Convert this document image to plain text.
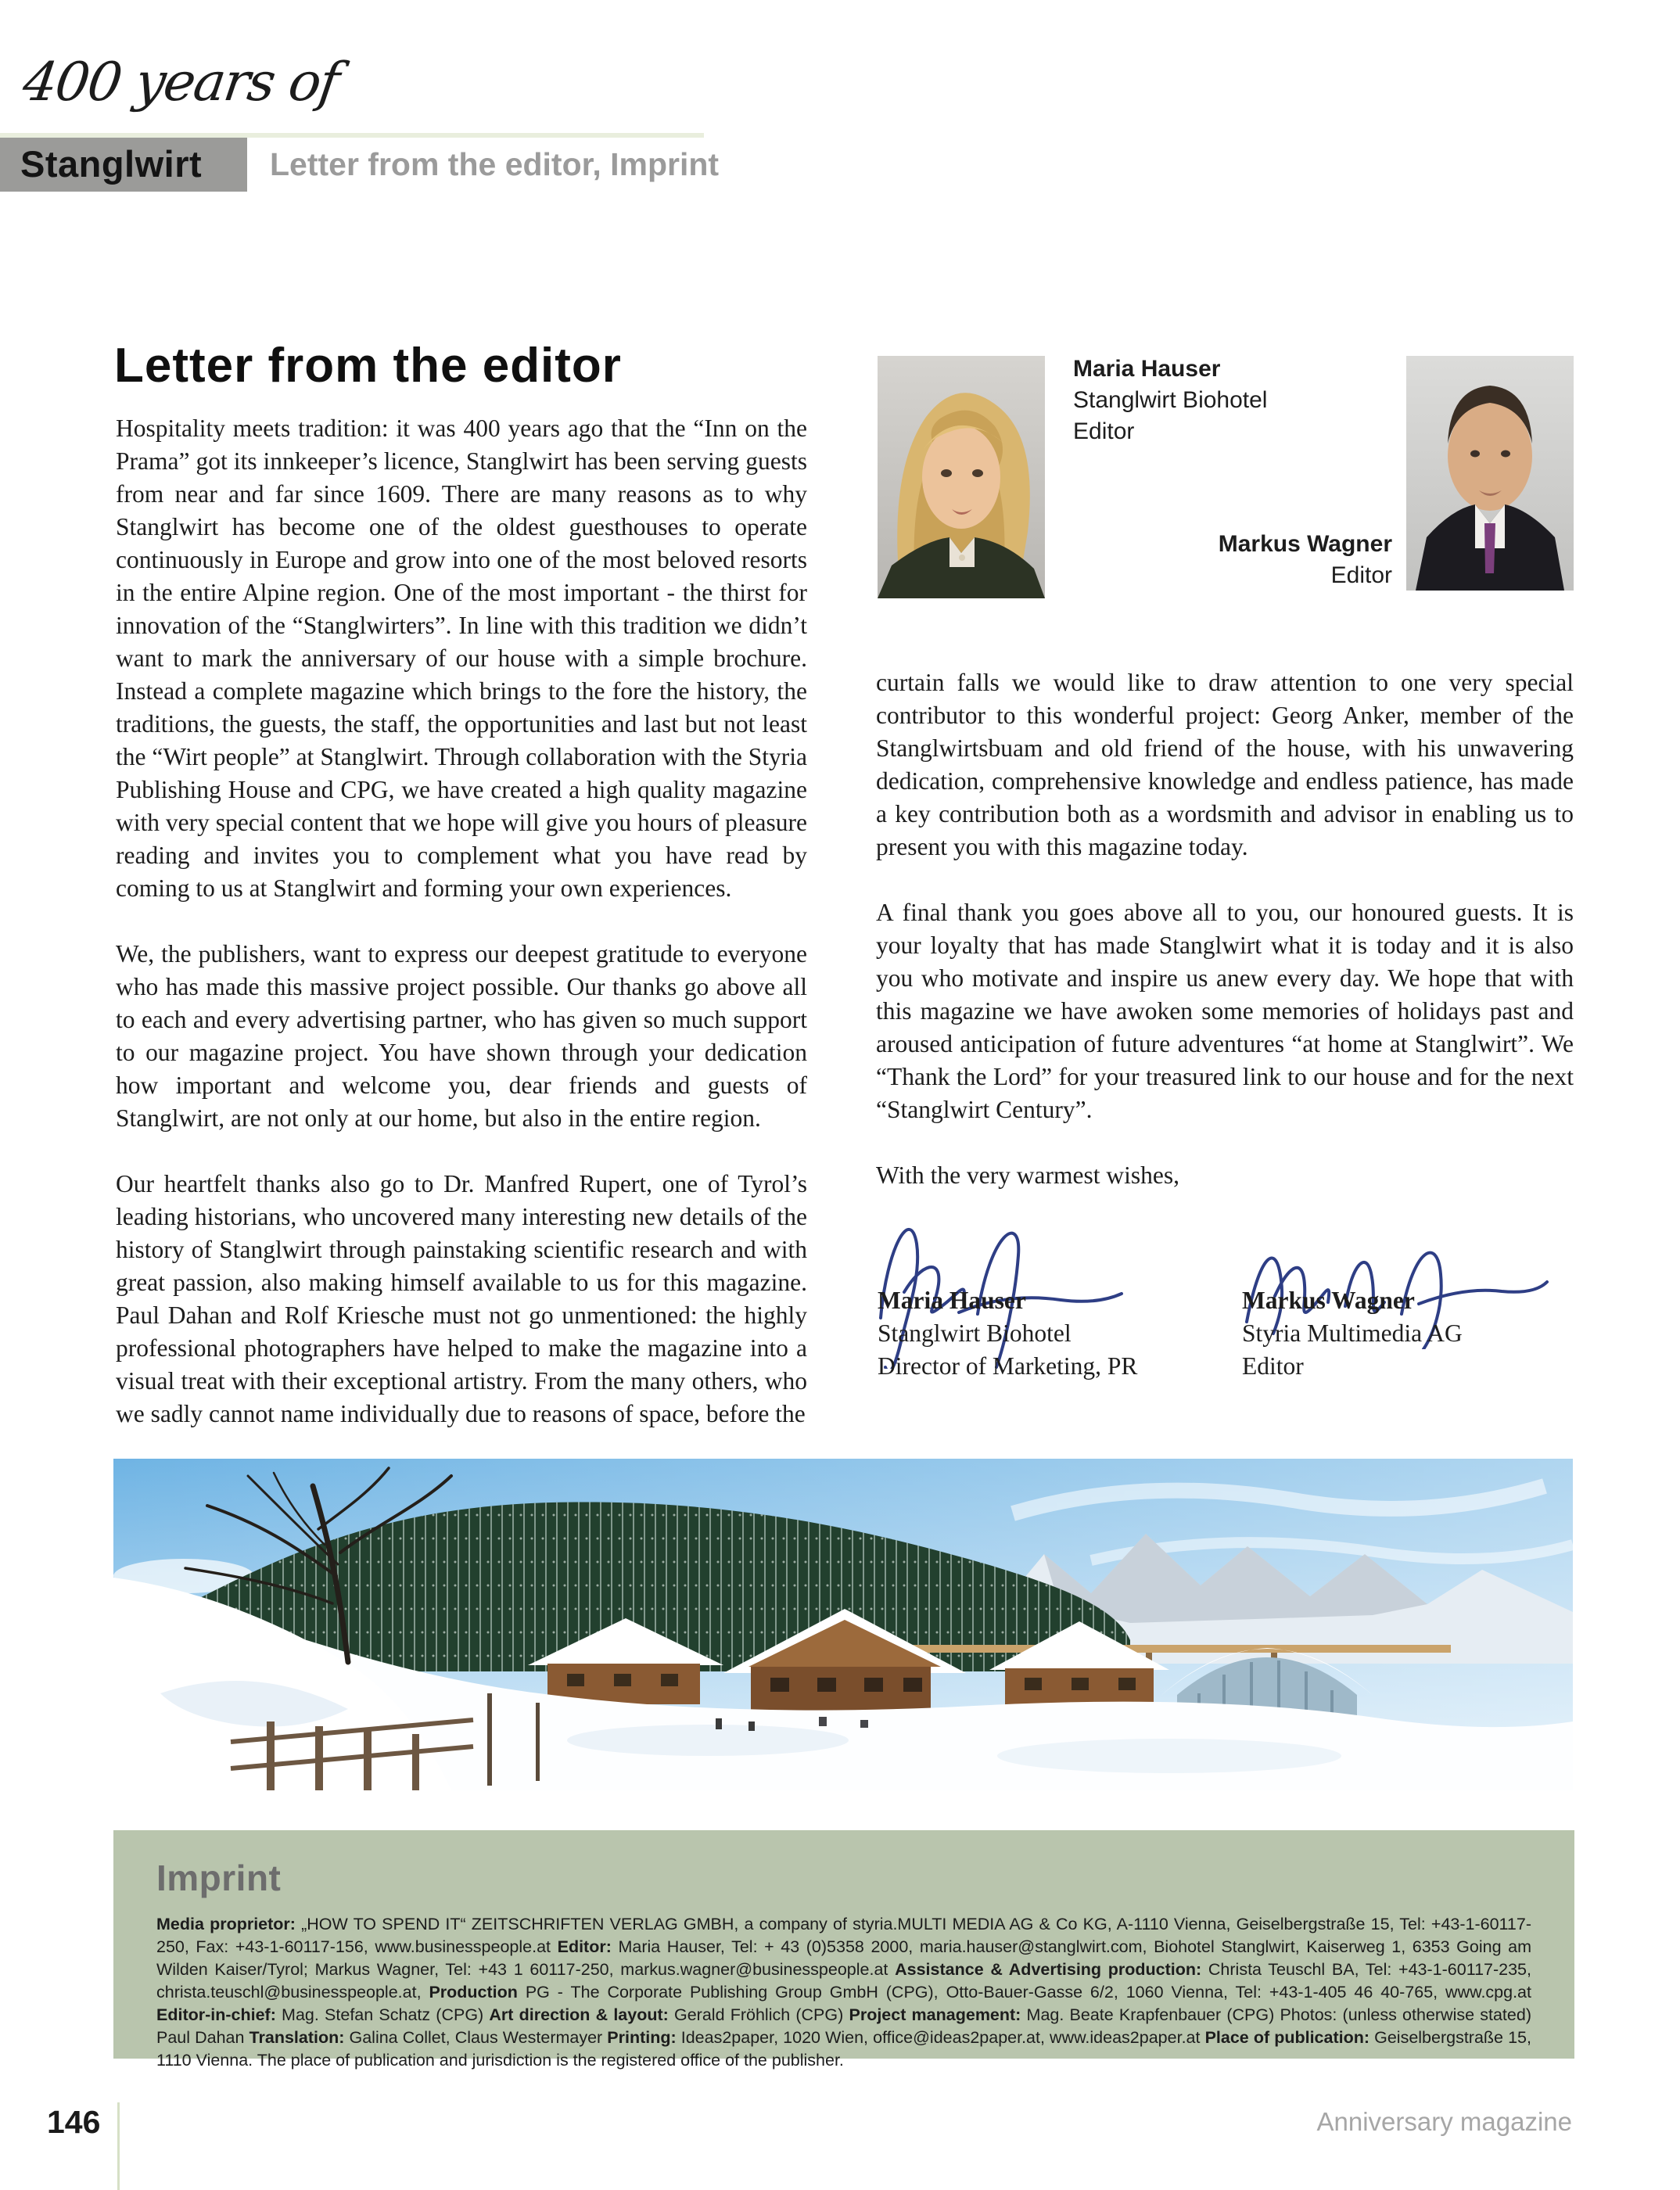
400 years of
Stanglwirt	Letter from the editor, Imprint
Letter from the editor

Hospitality meets tradition: it was 400 years ago that the “Inn on the Prama” got its innkeeper’s licence, Stanglwirt has been serving guests from near and far since 1609. There are many reasons as to why Stanglwirt has become one of the oldest guesthouses to operate continuously in Europe and grow into one of the most beloved resorts in the entire Alpine region. One of the most important - the thirst for innovation of the “Stanglwirters”. In line with this tradition we didn’t want to mark the anniversary of our house with a simple brochure. Instead a complete magazine which brings to the fore the history, the traditions, the guests, the staff, the opportunities and last but not least the “Wirt people” at Stanglwirt. Through collaboration with the Styria Publishing House and CPG, we have created a high quality magazine with very special content that we hope will give you hours of pleasure reading and invites you to complement what you have read by coming to us at Stanglwirt and forming your own experiences.

We, the publishers, want to express our deepest gratitude to everyone who has made this massive project possible. Our thanks go above all to each and every advertising partner, who has given so much support to our magazine project. You have shown through your dedication how important and welcome you, dear friends and guests of Stanglwirt, are not only at our home, but also in the entire region.

Our heartfelt thanks also go to Dr. Manfred Rupert, one of Tyrol’s leading historians, who uncovered many interesting new details of the history of Stanglwirt through painstaking scientific research and with great passion, also making himself available to us for this magazine. Paul Dahan and Rolf Kriesche must not go unmentioned: the highly professional photographers have helped to make the magazine into a visual treat with their exceptional artistry. From the many others, who we sadly cannot name individually due to reasons of space, before the

Maria Hauser
Stanglwirt Biohotel
Editor
Markus Wagner
Editor

curtain falls we would like to draw attention to one very special contributor to this wonderful project: Georg Anker, member of the Stanglwirtsbuam and old friend of the house, with his unwavering dedication, comprehensive knowledge and endless patience, has made a key contribution both as a wordsmith and advisor in enabling us to present you with this magazine today.

A final thank you goes above all to you, our honoured guests. It is your loyalty that has made Stanglwirt what it is today and it is also you who motivate and inspire us anew every day. We hope that with this magazine we have awoken some memories of holidays past and aroused anticipation of future adventures “at home at Stanglwirt”. We “Thank the Lord” for your treasured link to our house and for the next “Stanglwirt Century”.

With the very warmest wishes,

Maria Hauser
Stanglwirt Biohotel
Director of Marketing, PR
Markus Wagner
Styria Multimedia AG
Editor
Imprint

Media proprietor: „HOW TO SPEND IT“ ZEITSCHRIFTEN VERLAG GMBH, a company of styria.MULTI MEDIA AG & Co KG, A-1110 Vienna, Geiselbergstraße 15, Tel: +43-1-60117-250, Fax: +43-1-60117-156, www.businesspeople.at Editor: Maria Hauser, Tel: + 43 (0)5358 2000, maria.hauser@stanglwirt.com, Biohotel Stanglwirt, Kaiserweg 1, 6353 Going am Wilden Kaiser/Tyrol; Markus Wagner, Tel: +43 1 60117-250, markus.wagner@businesspeople.at Assistance & Advertising production: Christa Teuschl BA, Tel: +43-1-60117-235, christa.teuschl@businesspeople.at, Production PG - The Corporate Publishing Group GmbH (CPG), Otto-Bauer-Gasse 6/2, 1060 Vienna, Tel: +43-1-405 46 40-765, www.cpg.at Editor-in-chief: Mag. Stefan Schatz (CPG) Art direction & layout: Gerald Fröhlich (CPG) Project management: Mag. Beate Krapfenbauer (CPG) Photos: (unless otherwise stated) Paul Dahan Translation: Galina Collet, Claus Westermayer Printing: Ideas2paper, 1020 Wien, office@ideas2paper.at, www.ideas2paper.at Place of publication: Geiselbergstraße 15, 1110 Vienna. The place of publication and jurisdiction is the registered office of the publisher.

146	Anniversary magazine
